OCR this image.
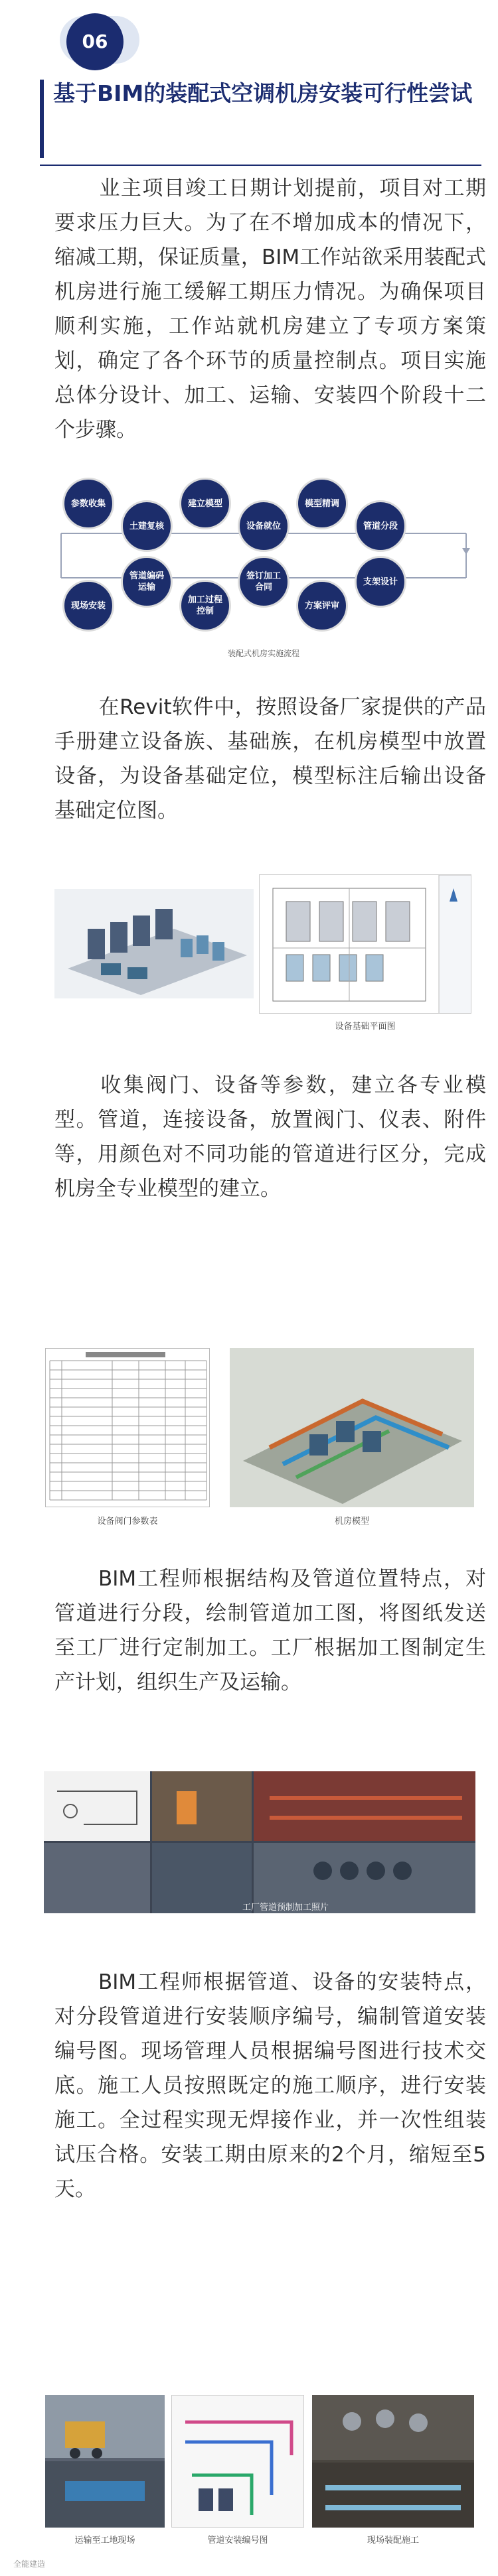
06
基于BIM的装配式空调机房安装可行性尝试
业主项目竣工日期计划提前，项目对工期要求压力巨大。为了在不增加成本的情况下，缩减工期，保证质量，BIM工作站欲采用装配式机房进行施工缓解工期压力情况。为确保项目顺利实施，工作站就机房建立了专项方案策划，确定了各个环节的质量控制点。项目实施总体分设计、加工、运输、安装四个阶段十二个步骤。
参数收集
土建复核
建立模型
设备就位
模型精调
管道分段
支架设计
方案评审
签订加工合同
加工过程控制
管道编码运输
现场安装
装配式机房实施流程
在Revit软件中，按照设备厂家提供的产品手册建立设备族、基础族，在机房模型中放置设备，为设备基础定位，模型标注后输出设备基础定位图。
设备基础平面图
收集阀门、设备等参数，建立各专业模型。管道，连接设备，放置阀门、仪表、附件等，用颜色对不同功能的管道进行区分，完成机房全专业模型的建立。
设备阀门参数表	机房模型
BIM工程师根据结构及管道位置特点，对管道进行分段，绘制管道加工图，将图纸发送至工厂进行定制加工。工厂根据加工图制定生产计划，组织生产及运输。
工厂管道预制加工照片
BIM工程师根据管道、设备的安装特点，对分段管道进行安装顺序编号，编制管道安装编号图。现场管理人员根据编号图进行技术交底。施工人员按照既定的施工顺序，进行安装施工。全过程实现无焊接作业，并一次性组装试压合格。安装工期由原来的2个月，缩短至5天。
运输至工地现场	管道安装编号图	现场装配施工
全能建造
